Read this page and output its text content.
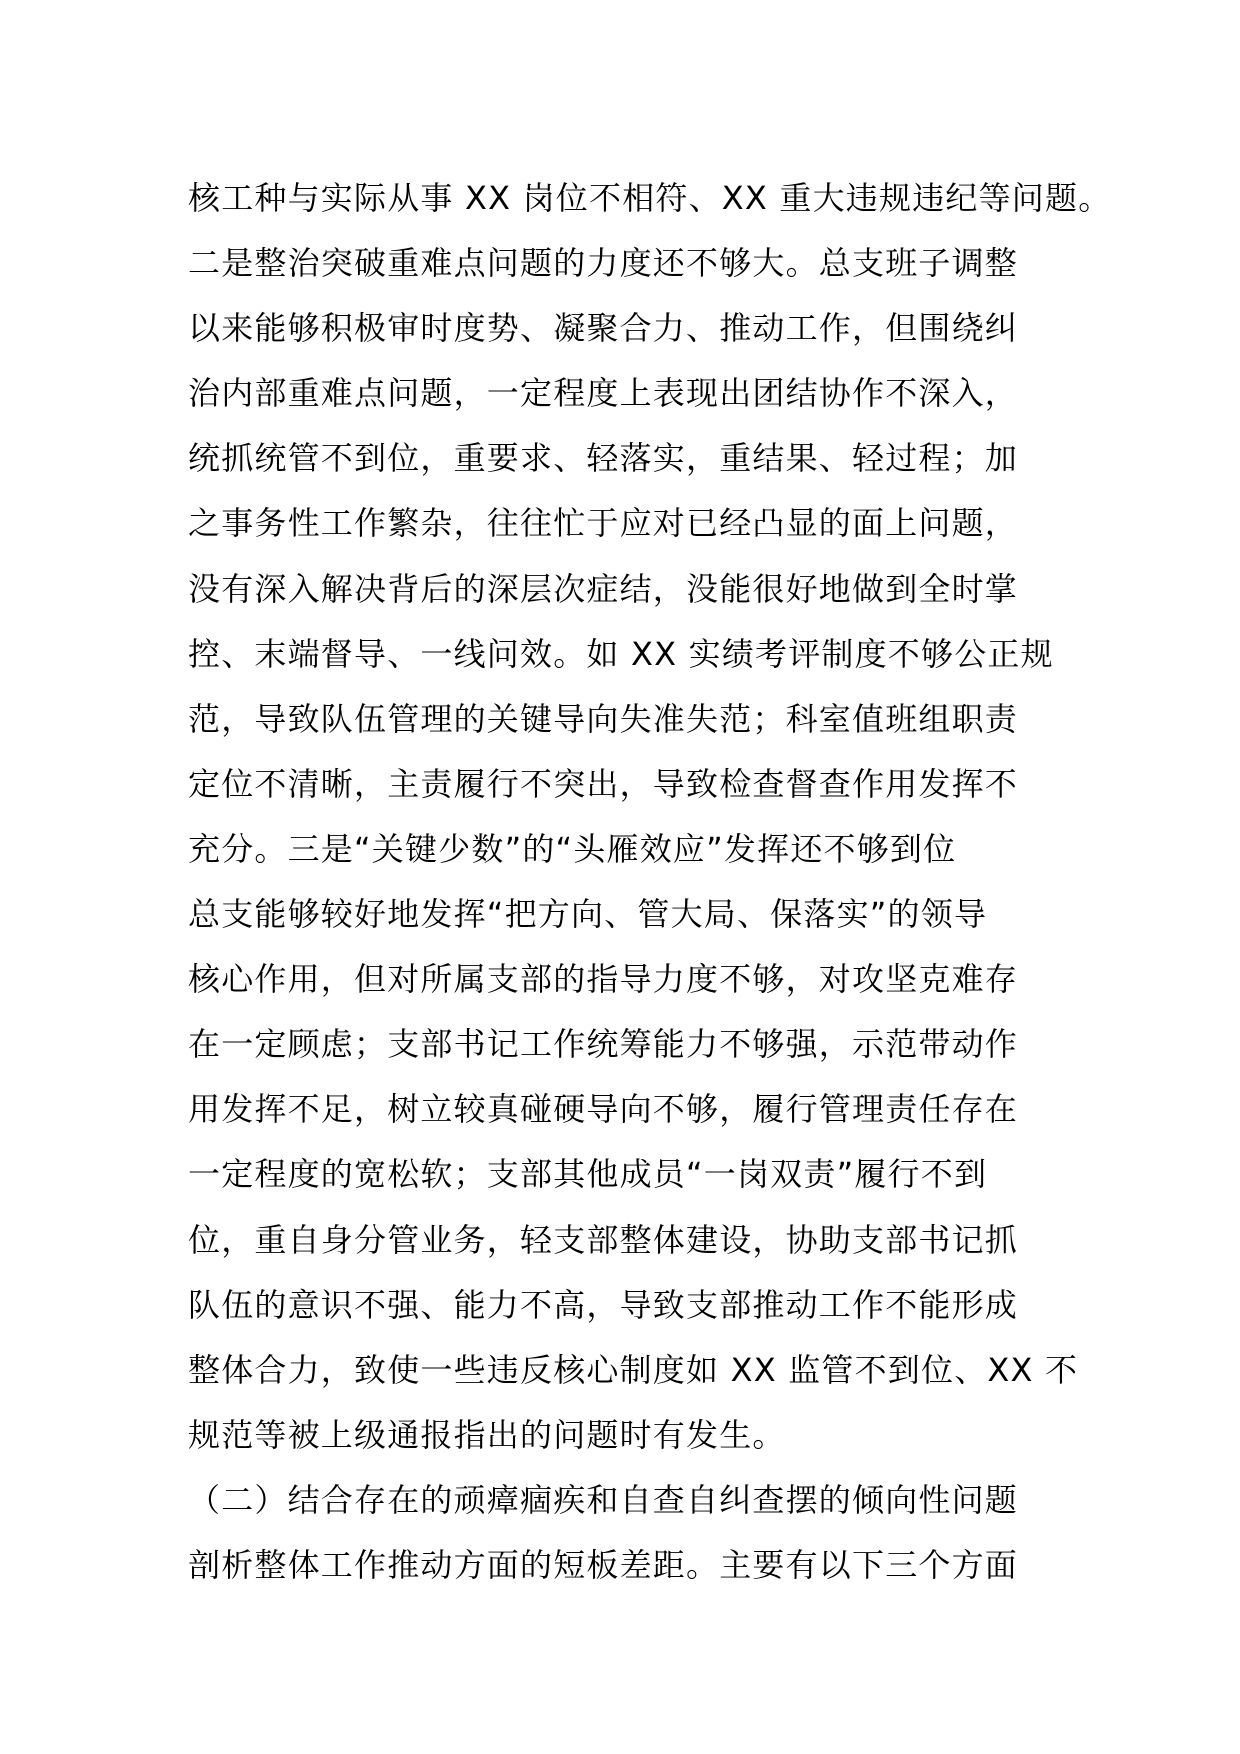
核工种与实际从事 XX 岗位不相符、XX 重大违规违纪等问题。
二是整治突破重难点问题的力度还不够大。总支班子调整
以来能够积极审时度势、凝聚合力、推动工作，但围绕纠
治内部重难点问题，一定程度上表现出团结协作不深入，
统抓统管不到位，重要求、轻落实，重结果、轻过程；加
之事务性工作繁杂，往往忙于应对已经凸显的面上问题，
没有深入解决背后的深层次症结，没能很好地做到全时掌
控、末端督导、一线问效。如 XX 实绩考评制度不够公正规
范，导致队伍管理的关键导向失准失范；科室值班组职责
定位不清晰，主责履行不突出，导致检查督查作用发挥不
充分。三是“关键少数”的“头雁效应”发挥还不够到位
总支能够较好地发挥“把方向、管大局、保落实”的领导
核心作用，但对所属支部的指导力度不够，对攻坚克难存
在一定顾虑；支部书记工作统筹能力不够强，示范带动作
用发挥不足，树立较真碰硬导向不够，履行管理责任存在
一定程度的宽松软；支部其他成员“一岗双责”履行不到
位，重自身分管业务，轻支部整体建设，协助支部书记抓
队伍的意识不强、能力不高，导致支部推动工作不能形成
整体合力，致使一些违反核心制度如 XX 监管不到位、XX 不
规范等被上级通报指出的问题时有发生。
（二）结合存在的顽瘴痼疾和自查自纠查摆的倾向性问题
剖析整体工作推动方面的短板差距。主要有以下三个方面
